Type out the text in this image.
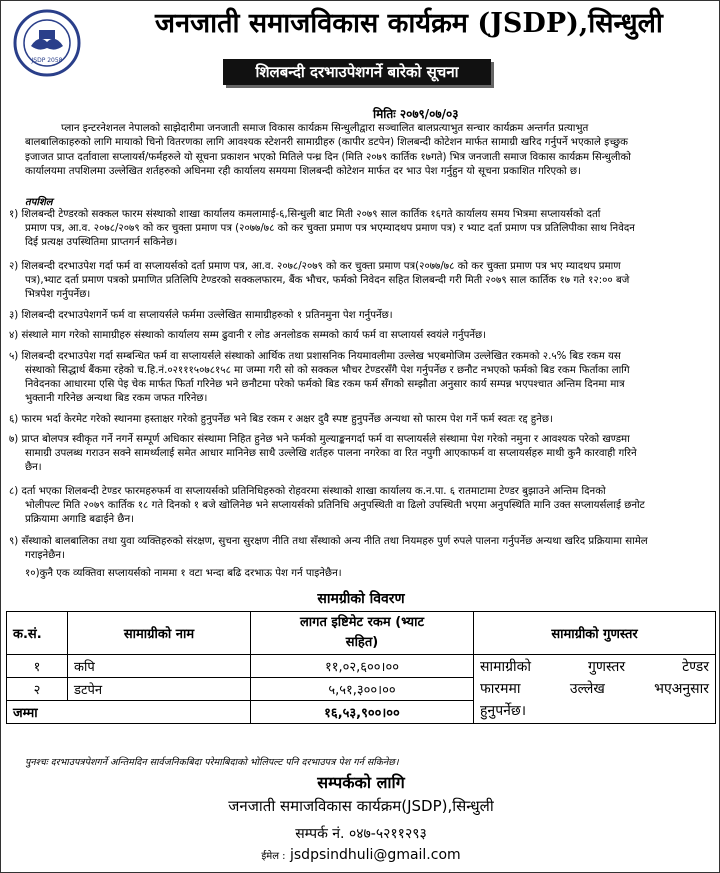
JSDP 2058
जनजाती समाजविकास कार्यक्रम (JSDP),सिन्धुली
शिलबन्दी दरभाउपेशगर्ने बारेको सूचना
मितिः २०७९/०७/०३
प्लान इन्टरनेशनल नेपालको साझेदारीमा जनजाती समाज विकास कार्यक्रम सिन्धुलीद्वारा सञ्चालित बालप्रत्याभुत सन्चार कार्यक्रम अन्तर्गत प्रत्याभुत
बालबालिकाहरुको लागि मायाको चिनो वितरणका लागि आवश्यक स्टेशनरी सामाग्रीहरु (कापीर डटपेन) शिलबन्दी कोटेशन मार्फत सामाग्री खरिद गर्नुपर्ने भएकाले इच्छुक
इजाजत प्राप्त दर्तावाला सप्लायर्स/फर्महरुले यो सूचना प्रकाशन भएको मितिले पन्ध्र दिन (मिति २०७९ कार्तिक १७गते) भित्र जनजाती समाज विकास कार्यक्रम सिन्धुलीको
कार्यालयमा तपशिलमा उल्लेखित शर्तहरुको अधिनमा रही कार्यालय समयमा शिलबन्दी कोटेशन मार्फत दर भाउ पेश गर्नुहुन यो सूचना प्रकाशित गरिएको छ।
तपशिल
१) शिलबन्दी टेण्डरको सक्कल फारम संस्थाको शाखा कार्यालय कमलामाई-६,सिन्धुली बाट मिती २०७९ साल कार्तिक १६गते कार्यालय समय भित्रमा सप्लायर्सको दर्ता
प्रमाण पत्र, आ.व. २०७८/२०७९ को कर चुक्ता प्रमाण पत्र (२०७७/७८ को कर चुक्ता प्रमाण पत्र भएम्यादथप प्रमाण पत्र) र भ्याट दर्ता प्रमाण पत्र प्रतिलिपीका साथ निवेदन
दिई प्रत्यक्ष उपस्थितिमा प्राप्तगर्न सकिनेछ।
२) शिलबन्दी दरभाउपेश गर्दा फर्म वा सप्लायर्सको दर्ता प्रमाण पत्र, आ.व. २०७८/२०७९ को कर चुक्ता प्रमाण पत्र(२०७७/७८ को कर चुक्ता प्रमाण पत्र भए म्यादथप प्रमाण
पत्र),भ्याट दर्ता प्रमाण पत्रको प्रमाणित प्रतिलिपि टेण्डरको सक्कलफारम, बैंक भौचर, फर्मको निवेदन सहित शिलबन्दी गरी मिती २०७९ साल कार्तिक १७ गते १२:०० बजे
भित्रपेश गर्नुपर्नेछ।
३) शिलबन्दी दरभाउपेशगर्ने फर्म वा सप्लायर्सले फर्ममा उल्लेखित सामाग्रीहरुको १ प्रतिनमुना पेश गर्नुपर्नेछ।
४) संस्थाले माग गरेको सामाग्रीहरु संस्थाको कार्यालय सम्म ढुवानी र लोड अनलोडक सम्मको कार्य फर्म वा सप्लायर्स स्वयंले गर्नुपर्नेछ।
५) शिलबन्दी दरभाउपेश गर्दा सम्बन्धित फर्म वा सप्लायर्सले संस्थाको आर्थिक तथा प्रशासनिक नियमावलीमा उल्लेख भएबमोजिम उल्लेखित रकमको २.५% बिड रकम यस
संस्थाको सिद्धार्थ बैंकमा रहेको च.हि.नं.०२१११५०७८१५८ मा जम्मा गरी सो को सक्कल भौचर टेण्डरसँगै पेश गर्नुपर्नेछ र छनौट नभएको फर्मको बिड रकम फिर्ताका लागि
निवेदनका आधारमा एसि पेइ चेक मार्फत फिर्ता गरिनेछ भने छनौटमा परेको फर्मको बिड रकम फर्म सँगको सम्झौता अनुसार कार्य सम्पन्न भएपश्चात अन्तिम दिनमा मात्र
भुक्तानी गरिनेछ अन्यथा बिड रकम जफत गरिनेछ।
६) फारम भर्दा केरमेट गरेको स्थानमा हस्ताक्षर गरेको हुनुपर्नेछ भने बिड रकम र अक्षर दुवै स्पष्ट हुनुपर्नेछ अन्यथा सो फारम पेश गर्ने फर्म स्वतः रद्द हुनेछ।
७) प्राप्त बोलपत्र स्वीकृत गर्ने नगर्ने सम्पूर्ण अधिकार संस्थामा निहित हुनेछ भने फर्मको मुल्याङ्कनगर्दा फर्म वा सप्लायर्सले संस्थामा पेश गरेको नमुना र आवश्यक परेको खण्डमा
सामाग्री उपलब्ध गराउन सक्ने सामर्थ्यलाई समेत आधार मानिनेछ साथै उल्लेखि शर्तहरु पालना नगरेका वा रित नपुगी आएकाफर्म वा सप्लायर्सहरु माथी कुनै कारवाही गरिने
छैन।
८) दर्ता भएका शिलबन्दी टेण्डर फारमहरुफर्म वा सप्लायर्सको प्रतिनिधिहरुको रोहवरमा संस्थाको शाखा कार्यालय क.न.पा. ६ रातमाटामा टेण्डर बुझाउने अन्तिम दिनको
भोलीपल्ट मिति २०७९ कार्तिक १८ गते दिनको १ बजे खोलिनेछ भने सप्लायर्सको प्रतिनिधि अनुपस्थिती वा ढिलो उपस्थिती भएमा अनुपस्थिति मानि उक्त सप्लायर्सलाई छनोट
प्रक्रियामा अगाडि बढाईने छैन।
९) सँस्थाको बालबालिका तथा युवा व्यक्तिहरुको संरक्षण, सुचना सुरक्षण नीति तथा सँस्थाको अन्य नीति तथा नियमहरु पुर्ण रुपले पालना गर्नुपर्नेछ अन्यथा खरिद प्रक्रियामा सामेल
गराइनेछैन।
१०)कुनै एक व्यक्तिवा सप्लायर्सको नाममा १ वटा भन्दा बढि दरभाऊ पेश गर्न पाइनेछैन।
सामग्रीको विवरण
क.सं.	सामाग्रीको नाम	लागत इष्टिमेट रकम (भ्याट
सहित)	सामाग्रीको गुणस्तर
१	कपि	११,०२,६००।००	सामाग्रीको गुणस्तर टेण्डर
फारममा उल्लेख भएअनुसार
हुनुपर्नेछ।

२	डटपेन	५,५१,३००।००	
जम्मा		१६,५३,९००।००	
पुनश्चः दरभाउपत्रपेशगर्ने अन्तिमदिन सार्वजनिकबिदा परेमाबिदाको भोलिपल्ट पनि दरभाउपत्र पेश गर्न सकिनेछ।
सम्पर्कको लागि
जनजाती समाजविकास कार्यक्रम(JSDP),सिन्धुली
सम्पर्क नं. ०४७-५२११२९३
ईमेल : jsdpsindhuli@gmail.com
